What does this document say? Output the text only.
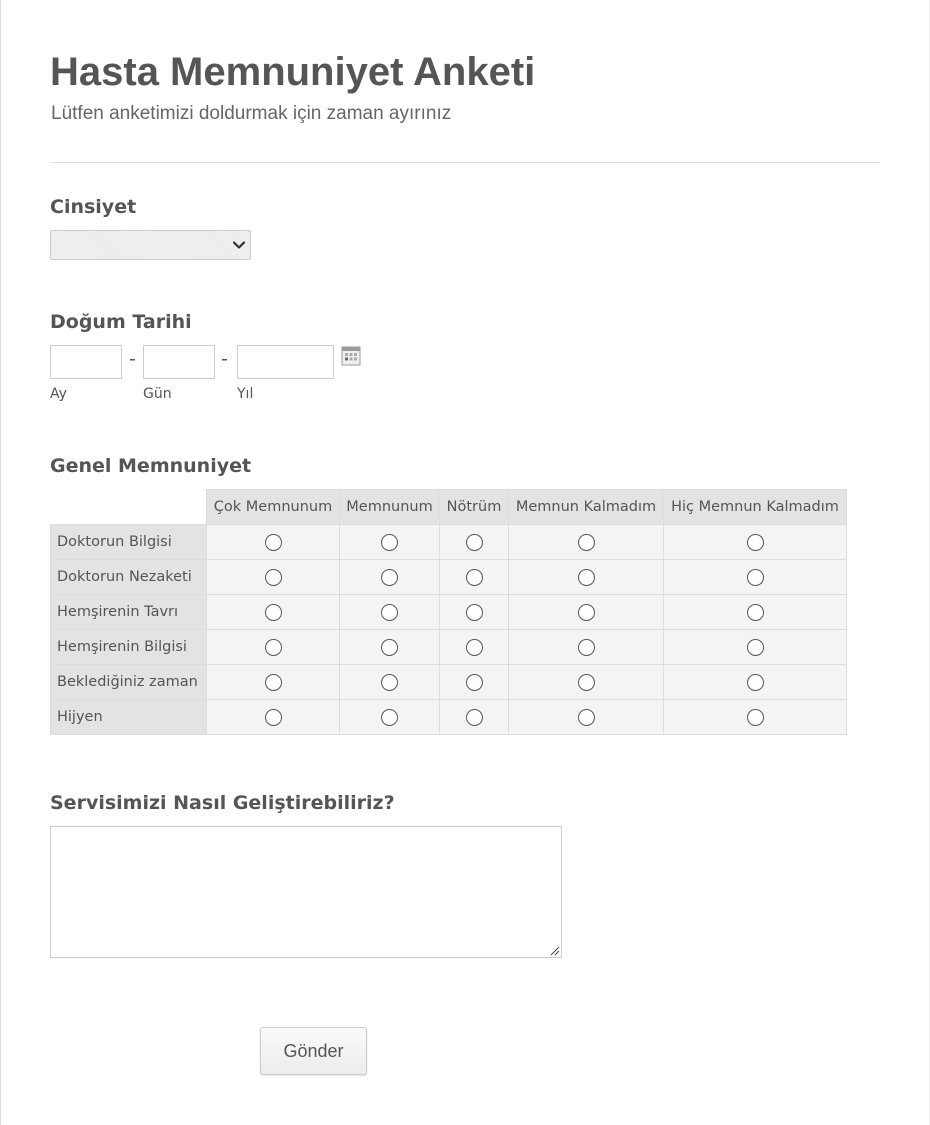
Hasta Memnuniyet Anketi
Lütfen anketimizi doldurmak için zaman ayırınız
Cinsiyet
Doğum Tarihi
-	-
Ay	Gün	Yıl
Genel Memnuniyet
	Çok Memnunum	Memnunum	Nötrüm	Memnun Kalmadım	Hiç Memnun Kalmadım
Doktorun Bilgisi					
Doktorun Nezaketi					
Hemşirenin Tavrı					
Hemşirenin Bilgisi					
Beklediğiniz zaman					
Hijyen					
Servisimizi Nasıl Geliştirebiliriz?
Gönder
